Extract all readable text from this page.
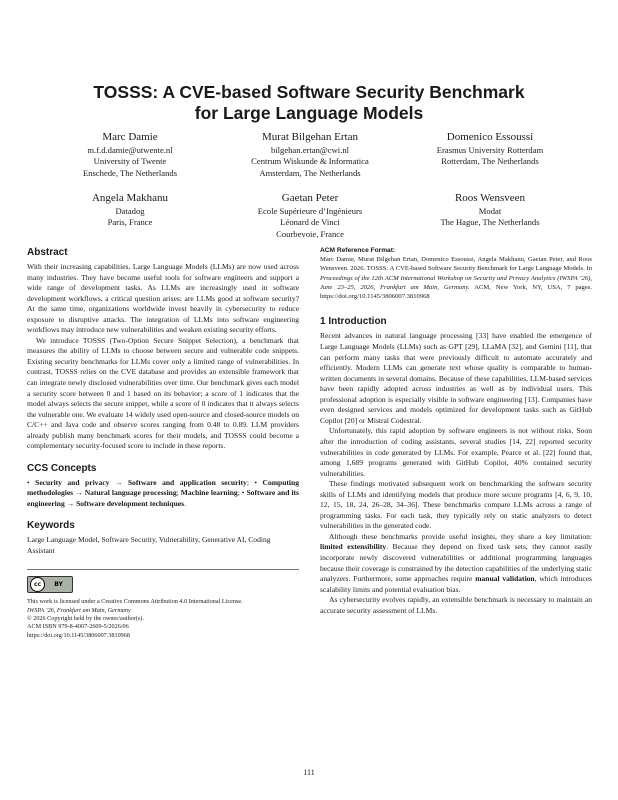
TOSSS: A CVE-based Software Security Benchmark
for Large Language Models
Marc Damie
m.f.d.damie@utwente.nl
University of Twente
Enschede, The Netherlands
Murat Bilgehan Ertan
bilgehan.ertan@cwi.nl
Centrum Wiskunde & Informatica
Amsterdam, The Netherlands
Domenico Essoussi
Erasmus University Rotterdam
Rotterdam, The Netherlands
Angela Makhanu
Datadog
Paris, France
Gaetan Peter
Ecole Supérieure d’Ingénieurs
Léonard de Vinci
Courbevoie, France
Roos Wensveen
Modat
The Hague, The Netherlands
Abstract

With their increasing capabilities, Large Language Models (LLMs) are now used across many industries. They have become useful tools for software engineers and support a wide range of development tasks. As LLMs are increasingly used in software development workflows, a critical question arises: are LLMs good at software security? At the same time, organizations worldwide invest heavily in cybersecurity to reduce exposure to disruptive attacks. The integration of LLMs into software engineering workflows may introduce new vulnerabilities and weaken existing security efforts.

We introduce TOSSS (Two-Option Secure Snippet Selection), a benchmark that measures the ability of LLMs to choose between secure and vulnerable code snippets. Existing security benchmarks for LLMs cover only a limited range of vulnerabilities. In contrast, TOSSS relies on the CVE database and provides an extensible framework that can integrate newly disclosed vulnerabilities over time. Our benchmark gives each model a security score between 0 and 1 based on its behavior; a score of 1 indicates that the model always selects the secure snippet, while a score of 0 indicates that it always selects the vulnerable one. We evaluate 14 widely used open-source and closed-source models on C/C++ and Java code and observe scores ranging from 0.48 to 0.89. LLM providers already publish many benchmark scores for their models, and TOSSS could become a complementary security-focused score to include in these reports.

CCS Concepts

• Security and privacy → Software and application security; • Computing methodologies → Natural language processing; Machine learning; • Software and its engineering → Software development techniques.

Keywords

Large Language Model, Software Security, Vulnerability, Generative AI, Coding Assistant

cc	BY

This work is licensed under a Creative Commons Attribution 4.0 International License.

IWSPA ’26, Frankfurt am Main, Germany

© 2026 Copyright held by the owner/author(s).

ACM ISBN 979-8-4007-2609-5/2026/06

https://doi.org/10.1145/3806007.3810968

ACM Reference Format:

Marc Damie, Murat Bilgehan Ertan, Domenico Essoussi, Angela Makhanu, Gaetan Peter, and Roos Wensveen. 2026. TOSSS: A CVE-based Software Security Benchmark for Large Language Models. In Proceedings of the 12th ACM International Workshop on Security and Privacy Analytics (IWSPA ’26), June 23–25, 2026, Frankfurt am Main, Germany. ACM, New York, NY, USA, 7 pages. https://doi.org/10.1145/3806007.3810968

1 Introduction

Recent advances in natural language processing [33] have enabled the emergence of Large Language Models (LLMs) such as GPT [29], LLaMA [32], and Gemini [11], that can perform many tasks that were previously difficult to automate accurately and efficiently. Modern LLMs can generate text whose quality is comparable to human-written documents in several domains. Because of these capabilities, LLM-based services have been rapidly adopted across industries as well as by individual users. This professional adoption is especially visible in software engineering [13]. Companies have even designed services and models optimized for development tasks such as GitHub Copilot [20] or Mistral Codestral.

Unfortunately, this rapid adoption by software engineers is not without risks. Soon after the introduction of coding assistants, several studies [14, 22] reported security vulnerabilities in code generated by LLMs. For example, Pearce et al. [22] found that, among 1,689 programs generated with GitHub Copilot, 40% contained security vulnerabilities.

These findings motivated subsequent work on benchmarking the software security skills of LLMs and identifying models that produce more secure programs [4, 6, 9, 10, 12, 15, 18, 24, 26–28, 34–36]. These benchmarks compare LLMs across a range of programming tasks. For each task, they typically rely on static analyzers to detect vulnerabilities in the generated code.

Although these benchmarks provide useful insights, they share a key limitation: limited extensibility. Because they depend on fixed task sets, they cannot easily incorporate newly discovered vulnerabilities or additional programming languages because their coverage is constrained by the detection capabilities of the underlying static analyzers. Furthermore, some approaches require manual validation, which introduces scalability limits and potential evaluation bias.

As cybersecurity evolves rapidly, an extensible benchmark is necessary to maintain an accurate security assessment of LLMs.

111
